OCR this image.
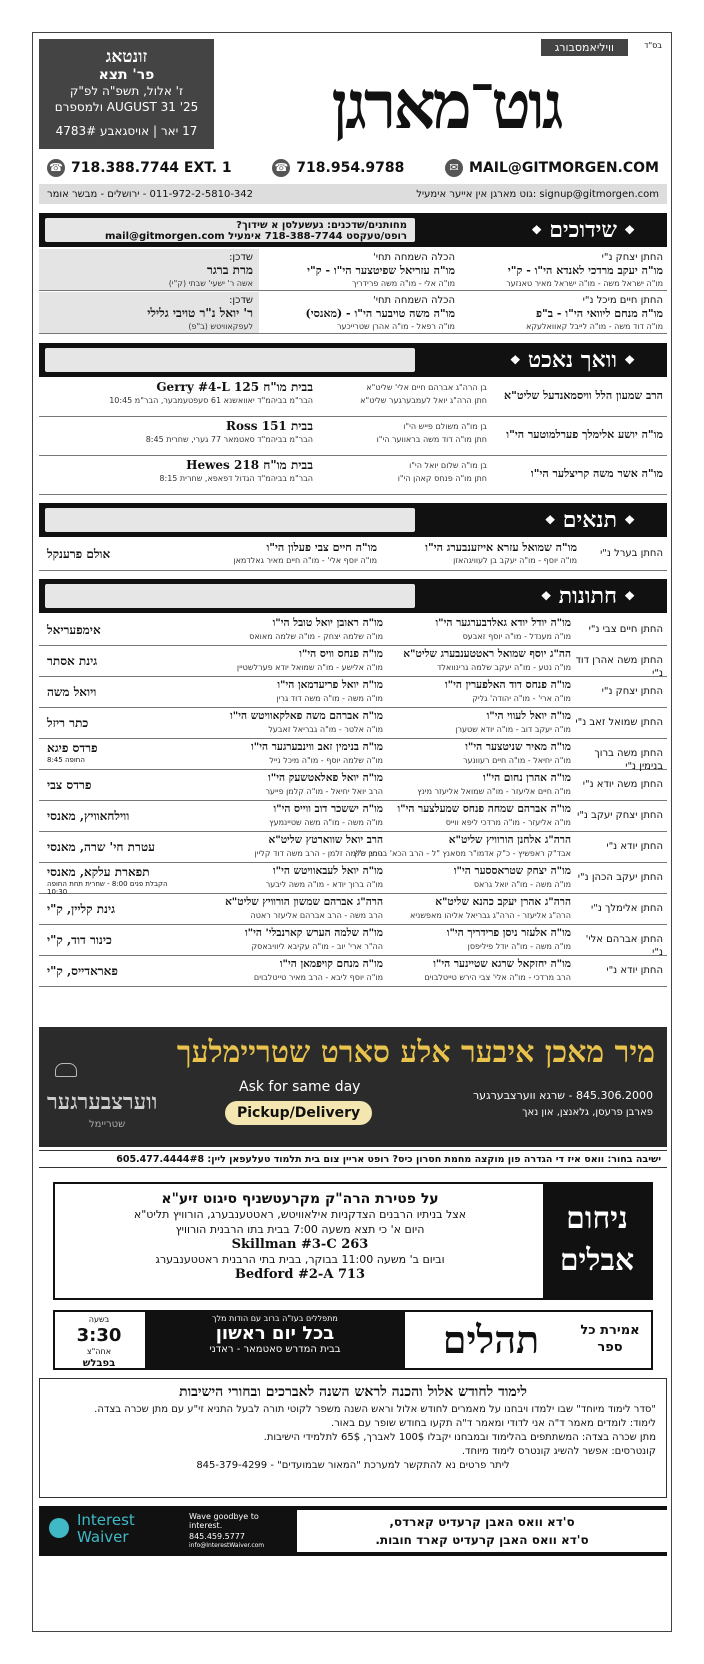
זונטאג
פר' תצא
ז' אלול, תשפ"ה לפ"ק
AUGUST 31 '25 ולמספרם
17 יאר | אויסגאבע 4783#
בס"ד
וויליאמסבורג
גוט־מארגן
☎ 718.388.7744 EXT. 1	☎ 718.954.9788	✉ MAIL@GITMORGEN.COM
signup@gitmorgen.com :גוט מארגן אין אייער אימעיל
011-972-2-5810-342 - ירושלים - מבשר אומר
❖ שידוכים ❖
מחותנים/שדכנים: געשעלסן א שידוך?
רופט/טעקסט 718-388-7744 אימעיל mail@gitmorgen.com
החתן יצחק נ"י
מו"ה יעקב מרדכי לאנדא הי"ו - ק"י
מו"ה ישראל משה - מו"ה ישראל מאיר טאנזער
הכלה השמחה תחי'
מו"ה עזריאל שפיטצער הי"ו - ק"י
מו"ה אלי - מו"ה משה פרידריך
שדכן:
מרת ברגר
אשה ר' ישעי' שבתי (ק"י)
החתן חיים מיכל נ"י
מו"ה מנחם ליוואי הי"ו - ב"פ
מו"ה דוד משה - מו"ה לייבל קאוואלעקא
הכלה השמחה תחי'
מו"ה משה טויבער הי"ו - (מאנסי)
מו"ה רפאל - מו"ה אהרן שטרייכער
שדכן:
ר' יואל נ"ר טויבי גלילי
לעפקאוויטש (ב"פ)
❖ וואך נאכט ❖
הרב שמעון הלל וויסמאנדעל שליט"א
בן הרה"ג אברהם חיים אלי' שליט"א
חתן הרה"ג יואל לעמבערגער שליט"א
בבית מו"ח 125 Gerry #4-L
הבר"מ בביהמ"ד יאוואשנא 61 סעפטעמבער, הבר"מ 10:45
מו"ה יושע אלימלך פערלמוטער הי"ו
בן מו"ה משולם פייש הי"ו
חתן מו"ה דוד משה בראווער הי"ו
בבית 151 Ross
הבר"מ בביהמ"ד סאטמאר 77 גערי, שחרית 8:45
מו"ה אשר משה קריצלער הי"ו
בן מו"ה שלום יואל הי"ו
חתן מו"ה פנחס קאהן הי"ו
בבית מו"ח 218 Hewes
הבר"מ בביהמ"ד הגדול דפאפא, שחרית 8:15
❖ תנאים ❖
החתן בערל נ"י
מו"ה שמואל עזרא אייזענבערג הי"ו
מו"ה יוסף - מו"ה יעקב בן לעוויגהאזן
מו"ה חיים צבי פעלון הי"ו
מו"ה יוסף אלי' - מו"ה חיים מאיר גאלדמאן
אולם פרענקל
❖ חתונות ❖
החתן חיים צבי נ"י
מו"ה יודל יודא גאלדבערגער הי"ו
מו"ה מענדל - מו"ה יוסף זאבעס
מו"ה ראובן יואל טובל הי"ו
מו"ה שלמה יצחק - מו"ה שלמה מאואס
אימפעריאל
החתן משה אהרן דוד נ"י
הה"ג יוסף שמואל ראטטענבערג שליט"א
מו"ה נטע - מו"ה יעקב שלמה גרינוואלד
מו"ה פנחס וויס הי"ו
מו"ה אלישע - מו"ה שמואל יודא פערלשטיין
גינת אסתר
החתן יצחק נ"י
מו"ה פנחס דוד האלפערין הי"ו
מו"ה ארי' - מו"ה יהודה' גליק
מו"ה יואל פריעדמאן הי"ו
מו"ה משה - מו"ה משה דוד גרין
ויואל משה
החתן שמואל זאב נ"י
מו"ה יואל לעווי הי"ו
מו"ה יעקב דוב - מו"ה יודא שטערן
מו"ה אברהם משה פאלקאוויטש הי"ו
מו"ה אלטר - מו"ה גבריאל זאבעל
כתר ריזל
החתן משה ברוך בנימין נ"י
מו"ה מאיר שניטצער הי"ו
מו"ה יחיאל - מו"ה חיים רעוונער
מו"ה בנימין זאב ווינבערגער הי"ו
מו"ה שלמה יוסף - מו"ה מיכל נייל
פרדס פיגא
החופה 8:45
החתן משה יודא נ"י
מו"ה אהרן נחום הי"ו
מו"ה חיים אליעזר - מו"ה שמואל אליעזר מינץ
מו"ה יואל פאלאטשעק הי"ו
הרב יואל יחיאל - מו"ה קלמן פייער
פרדס צבי
החתן יצחק יעקב נ"י
מו"ה אברהם שמחה פנחס שמעלצער הי"ו
מו"ה אליעזר - מו"ה מרדכי ליפא ווייס
מו"ה יששכר דוב ווייס הי"ו
מו"ה משה - מו"ה משה שטיינמעץ
ווילחאוויץ, מאנסי
החתן יודא נ"י
הרה"ג אלחנן הורוויץ שליט"א
אבד"ק ראפשיץ - כ"ק אדמו"ר מסאנץ "ל - הרב הכא' בנימין כ"ץ
הרב יואל שווארטץ שליט"א
הרב שלמה זלמן - הרב משה דוד קליין
עטרת חי' שרה, מאנסי
החתן יעקב הכהן נ"י
מו"ה יצחק שטראססער הי"ו
מו"ה משה - מו"ה יואל גראס
מו"ה יואל לעבאוויטש הי"ו
מו"ה ברוך יודא - מו"ה משה ליבער
תפארת עלקא, מאנסי
הקבלת פנים 8:00 - שחרית תחת החופה 10:30
החתן אלימלך נ"י
הרה"ג אהרן יעקב כהנא שליט"א
הרה"ג אליעזר - הרה"ג גבריאל אליהו מאפשניא
הרה"ג אברהם שמשון הורוויץ שליט"א
הרב משה - הרב אברהם אליעזר ראטה
גינת קליין, ק"י
החתן אברהם אלי' נ"י
מו"ה אלעזר ניסן פרידריך הי"ו
מו"ה משה - מו"ה יודל פיליפסן
מו"ה שלמה הערש קארנבלי' הי"ו
הה"ר ארי' יוב - מו"ה עקיבא ליוויבאסק
כינור דוד, ק"י
החתן יודא נ"י
מו"ה יחזקאל שרגא שטיינער הי"ו
הרב מרדכי - מו"ה אלי' צבי הירש טייטלבוים
מו"ה מנחם קויפמאן הי"ו
מו"ה יוסף ליבא - הרב מאיר טייטלבוים
פאראדייס, ק"י
מיר מאכן איבער אלע סארט שטריימלעך
Ask for same day
Pickup/Delivery
845.306.2000 - שרגא ווערצבערגער
פארבן פרעסן, גלאנצן, און נאך
ווערצבערגער
שטריימל
ישיבה בחור: וואס איז די הגדרה פון מוקצה מחמת חסרון כיס? רופט אריין צום בית תלמוד טעלעפאן ליין: 605.477.4444#8
ניחום אבלים
על פטירת הרה"ק מקרעטשניף סיגוט זיע"א
אצל בניתיו הרבנים הצדקניות אילאוויטש, ראטטענבערג, הורוויץ תליט"א
היום א' כי תצא משעה 7:00 בבית בתו הרבנית הורוויץ
263 Skillman #3-C
וביום ב' משעה 11:00 בבוקר, בבית בתי הרבנית ראטטענבערג
713 Bedford #2-A
אמירת כל ספר
תהלים
מתפללים בעז"ה ברוב עם הודות מלך
בכל יום ראשון
בבית המדרש סאטמאר - ראדני
בשעה
3:30
אחה"צ
בפבלש
לימוד לחודש אלול והכנה לראש השנה לאברכים ובחורי הישיבות
"סדר לימוד מיוחד" שבו ילמדו ויבחנו על מאמרים לחודש אלול וראש השנה משפר לקוטי תורה לבעל התניא זי"ע עם מתן שכרה בצדה.
לימוד: לומדים מאמר ד"ה אני לדודי ומאמר ד"ה תקעו בחודש שופר עם באור.
מתן שכרה בצדה: המשתתפים בהלימוד ובמבחנו יקבלו 100$ לאברך, 65$ לתלמידי הישיבות.
קונטרסים: אפשר להשיג קונטרס לימוד מיוחד.
ליתר פרטים נא להתקשר למערכת "המאור שבמועדים" - 845-379-4299
ס'דא וואס האבן קרעדיט קארדס,
ס'דא וואס האבן קרעדיט קארד חובות.
Interest Waiver
Wave goodbye to interest.
845.459.5777
info@InterestWaiver.com
